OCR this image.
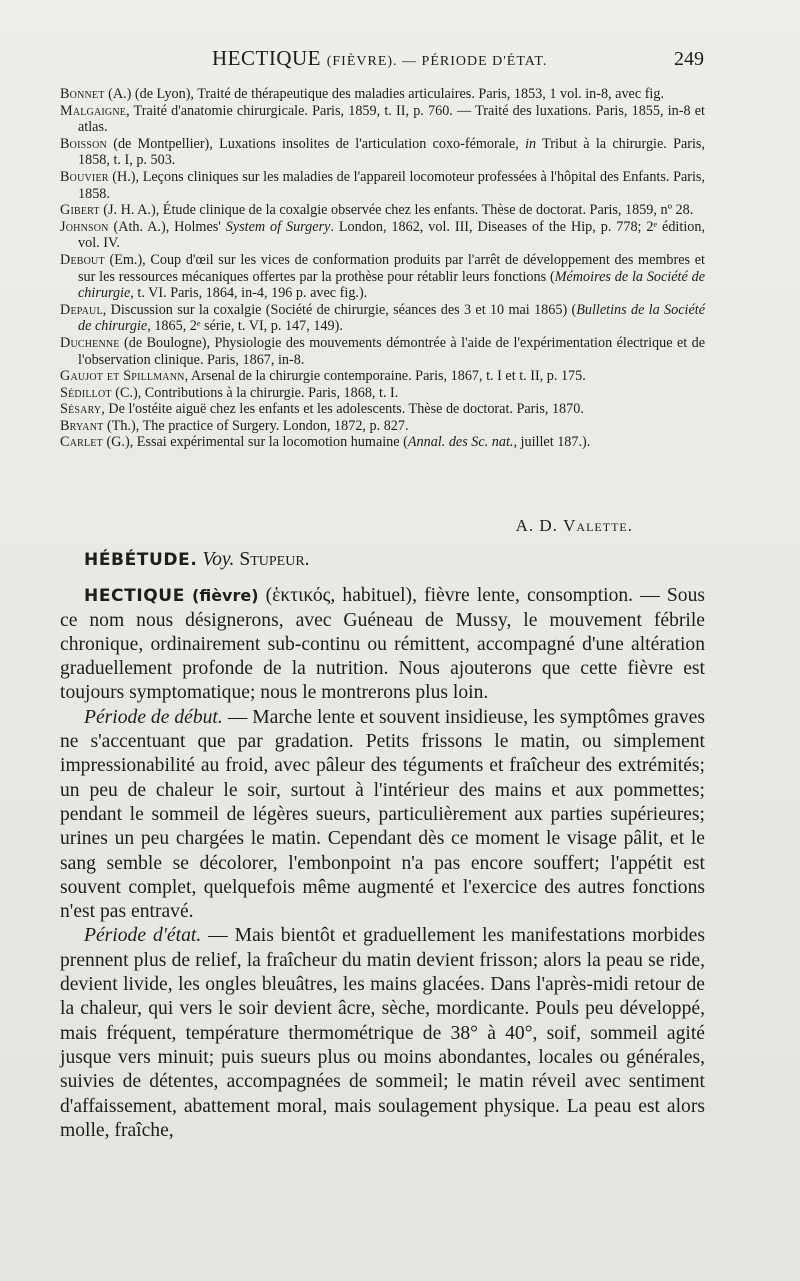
HECTIQUE (FIÈVRE). — PÉRIODE D'ÉTAT.	249

Bonnet (A.) (de Lyon), Traité de thérapeutique des maladies articulaires. Paris, 1853, 1 vol. in-8, avec fig.

Malgaigne, Traité d'anatomie chirurgicale. Paris, 1859, t. II, p. 760. — Traité des luxations. Paris, 1855, in-8 et atlas.

Boisson (de Montpellier), Luxations insolites de l'articulation coxo-fémorale, in Tribut à la chirurgie. Paris, 1858, t. I, p. 503.

Bouvier (H.), Leçons cliniques sur les maladies de l'appareil locomoteur professées à l'hôpital des Enfants. Paris, 1858.

Gibert (J. H. A.), Étude clinique de la coxalgie observée chez les enfants. Thèse de doctorat. Paris, 1859, nº 28.

Johnson (Ath. A.), Holmes' System of Surgery. London, 1862, vol. III, Diseases of the Hip, p. 778; 2ᵉ édition, vol. IV.

Debout (Em.), Coup d'œil sur les vices de conformation produits par l'arrêt de développement des membres et sur les ressources mécaniques offertes par la prothèse pour rétablir leurs fonctions (Mémoires de la Société de chirurgie, t. VI. Paris, 1864, in-4, 196 p. avec fig.).

Depaul, Discussion sur la coxalgie (Société de chirurgie, séances des 3 et 10 mai 1865) (Bulletins de la Société de chirurgie, 1865, 2ᵉ série, t. VI, p. 147, 149).

Duchenne (de Boulogne), Physiologie des mouvements démontrée à l'aide de l'expérimentation électrique et de l'observation clinique. Paris, 1867, in-8.

Gaujot et Spillmann, Arsenal de la chirurgie contemporaine. Paris, 1867, t. I et t. II, p. 175.

Sédillot (C.), Contributions à la chirurgie. Paris, 1868, t. I.

Sésary, De l'ostéite aiguë chez les enfants et les adolescents. Thèse de doctorat. Paris, 1870.

Bryant (Th.), The practice of Surgery. London, 1872, p. 827.

Carlet (G.), Essai expérimental sur la locomotion humaine (Annal. des Sc. nat., juillet 187.).

A. D. Valette.

HÉBÉTUDE. Voy. Stupeur.

HECTIQUE (fièvre) (ἑκτικός, habituel), fièvre lente, consomption. — Sous ce nom nous désignerons, avec Guéneau de Mussy, le mouvement fébrile chronique, ordinairement sub-continu ou rémittent, accompagné d'une altération graduellement profonde de la nutrition. Nous ajouterons que cette fièvre est toujours symptomatique; nous le montrerons plus loin.

Période de début. — Marche lente et souvent insidieuse, les symptômes graves ne s'accentuant que par gradation. Petits frissons le matin, ou simplement impressionabilité au froid, avec pâleur des téguments et fraîcheur des extrémités; un peu de chaleur le soir, surtout à l'intérieur des mains et aux pommettes; pendant le sommeil de légères sueurs, particulièrement aux parties supérieures; urines un peu chargées le matin. Cependant dès ce moment le visage pâlit, et le sang semble se décolorer, l'embonpoint n'a pas encore souffert; l'appétit est souvent complet, quelquefois même augmenté et l'exercice des autres fonctions n'est pas entravé.

Période d'état. — Mais bientôt et graduellement les manifestations morbides prennent plus de relief, la fraîcheur du matin devient frisson; alors la peau se ride, devient livide, les ongles bleuâtres, les mains glacées. Dans l'après-midi retour de la chaleur, qui vers le soir devient âcre, sèche, mordicante. Pouls peu développé, mais fréquent, température thermométrique de 38° à 40°, soif, sommeil agité jusque vers minuit; puis sueurs plus ou moins abondantes, locales ou générales, suivies de détentes, accompagnées de sommeil; le matin réveil avec sentiment d'affaissement, abattement moral, mais soulagement physique. La peau est alors molle, fraîche,
